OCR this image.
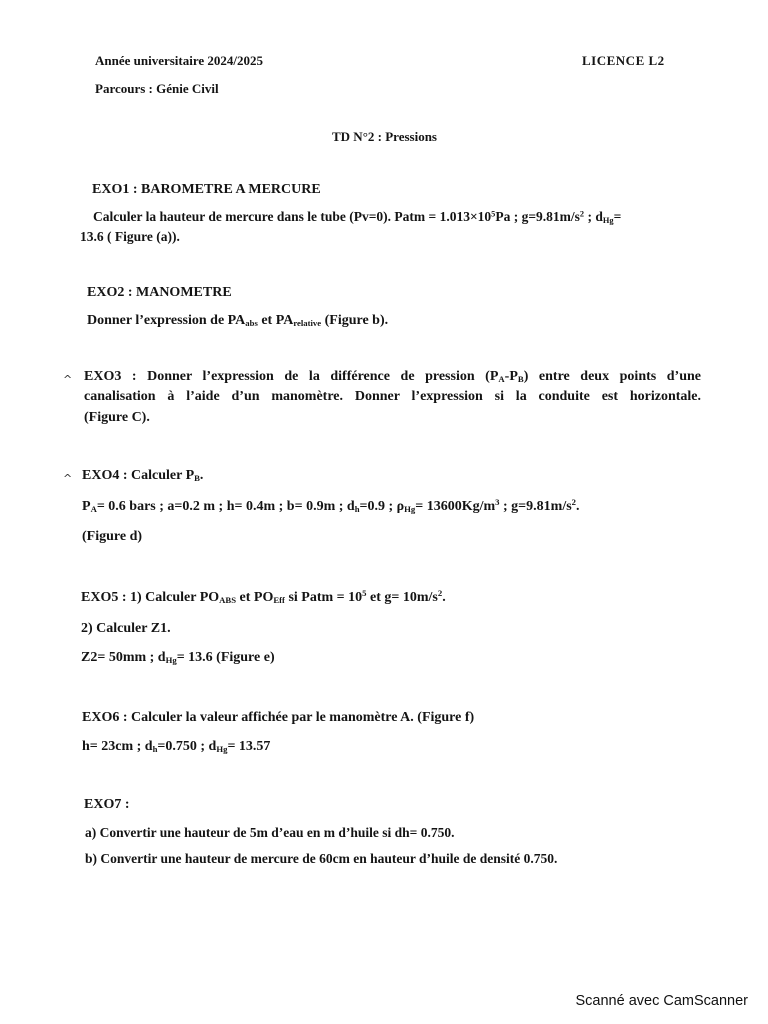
Année universitaire 2024/2025	LICENCE L2
Parcours : Génie Civil
TD N°2 : Pressions
EXO1 : BAROMETRE A MERCURE
Calculer la hauteur de mercure dans le tube (Pv=0). Patm = $1.013\times 10^5Pa$ ; $g=9.81m/s^2$ ; $d_{Hg}=$
13.6 ( Figure (a)).
EXO2 : MANOMETRE
Donner l’expression de $PA_{abs}$ et $PA_{relative}$ (Figure b).
^ EXO3 : Donner l’expression de la différence de pression $(P_A-P_B)$ entre deux points d’une
canalisation à l’aide d’un manomètre. Donner l’expression si la conduite est horizontale.
(Figure C).
^ EXO4 : Calculer $P_B$.
$P_A= 0.6$ bars ; a=0.2 m ; h= 0.4m ; b= 0.9m ; $d_h=0.9$ ; $\rho_{Hg}= 13600Kg/m^3$ ; $g=9.81m/s^2$.
(Figure d)
EXO5 : 1) Calculer $PO_{ABS}$ et $PO_{Eff}$ si Patm = $10^5$ et $g= 10m/s^2$.
2) Calculer Z1.
Z2= 50mm ; $d_{Hg}= 13.6$ (Figure e)
EXO6 : Calculer la valeur affichée par le manomètre A. (Figure f)
h= 23cm ; $d_h=0.750$ ; $d_{Hg}= 13.57$
EXO7 :
a) Convertir une hauteur de 5m d’eau en m d’huile si dh= 0.750.
b) Convertir une hauteur de mercure de 60cm en hauteur d’huile de densité 0.750.
Scanné avec CamScanner
